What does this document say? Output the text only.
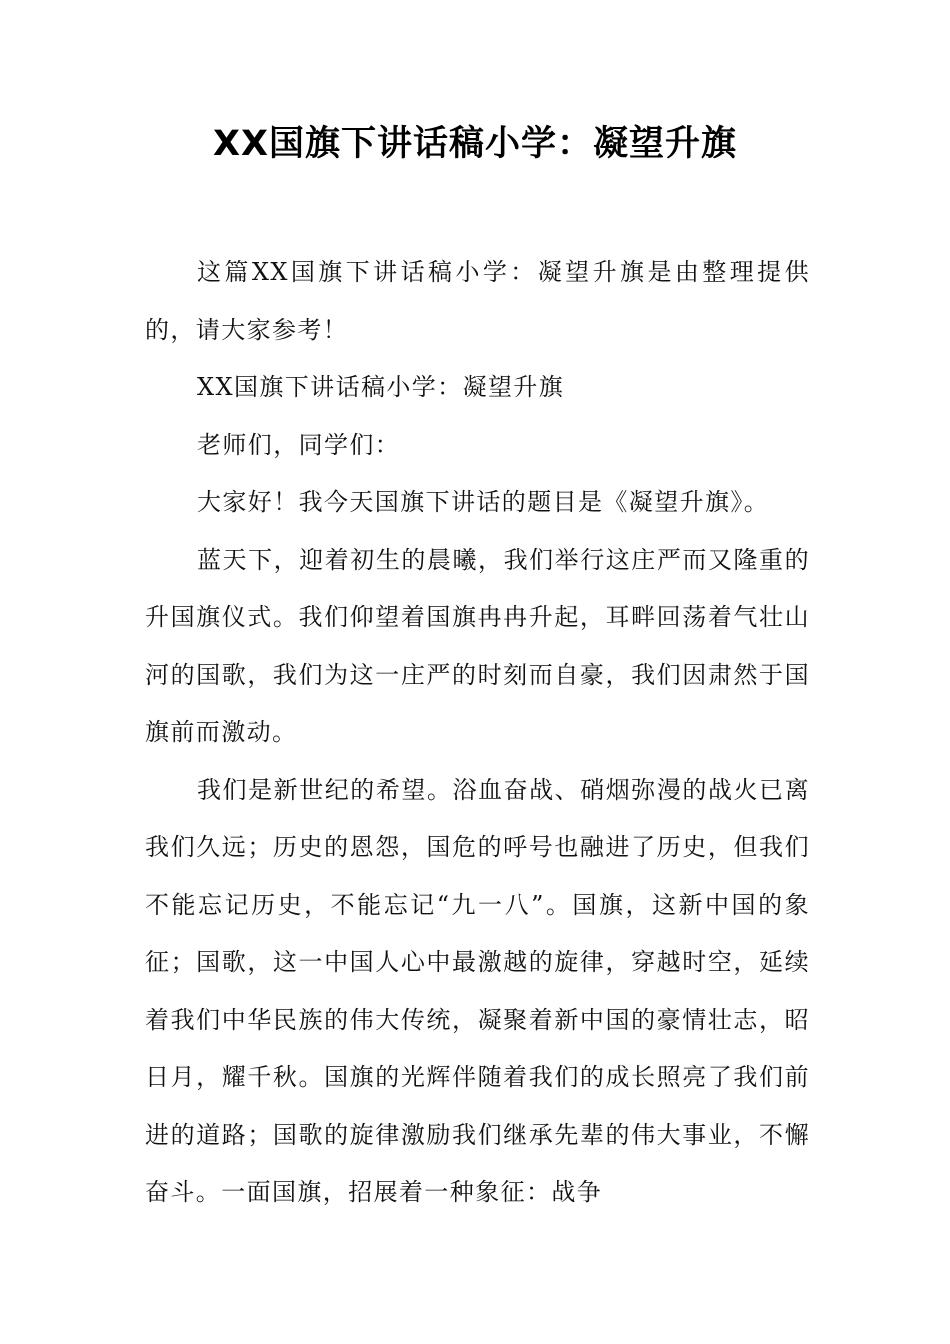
XX国旗下讲话稿小学：凝望升旗

这篇XX国旗下讲话稿小学：凝望升旗是由整理提供的，请大家参考！

XX国旗下讲话稿小学：凝望升旗

老师们，同学们：

大家好！我今天国旗下讲话的题目是《凝望升旗》。

蓝天下，迎着初生的晨曦，我们举行这庄严而又隆重的升国旗仪式。我们仰望着国旗冉冉升起，耳畔回荡着气壮山河的国歌，我们为这一庄严的时刻而自豪，我们因肃然于国旗前而激动。

我们是新世纪的希望。浴血奋战、硝烟弥漫的战火已离我们久远；历史的恩怨，国危的呼号也融进了历史，但我们不能忘记历史，不能忘记“九一八”。国旗，这新中国的象征；国歌，这一中国人心中最激越的旋律，穿越时空，延续着我们中华民族的伟大传统，凝聚着新中国的豪情壮志，昭日月，耀千秋。国旗的光辉伴随着我们的成长照亮了我们前进的道路；国歌的旋律激励我们继承先辈的伟大事业，不懈奋斗。一面国旗，招展着一种象征：战争
